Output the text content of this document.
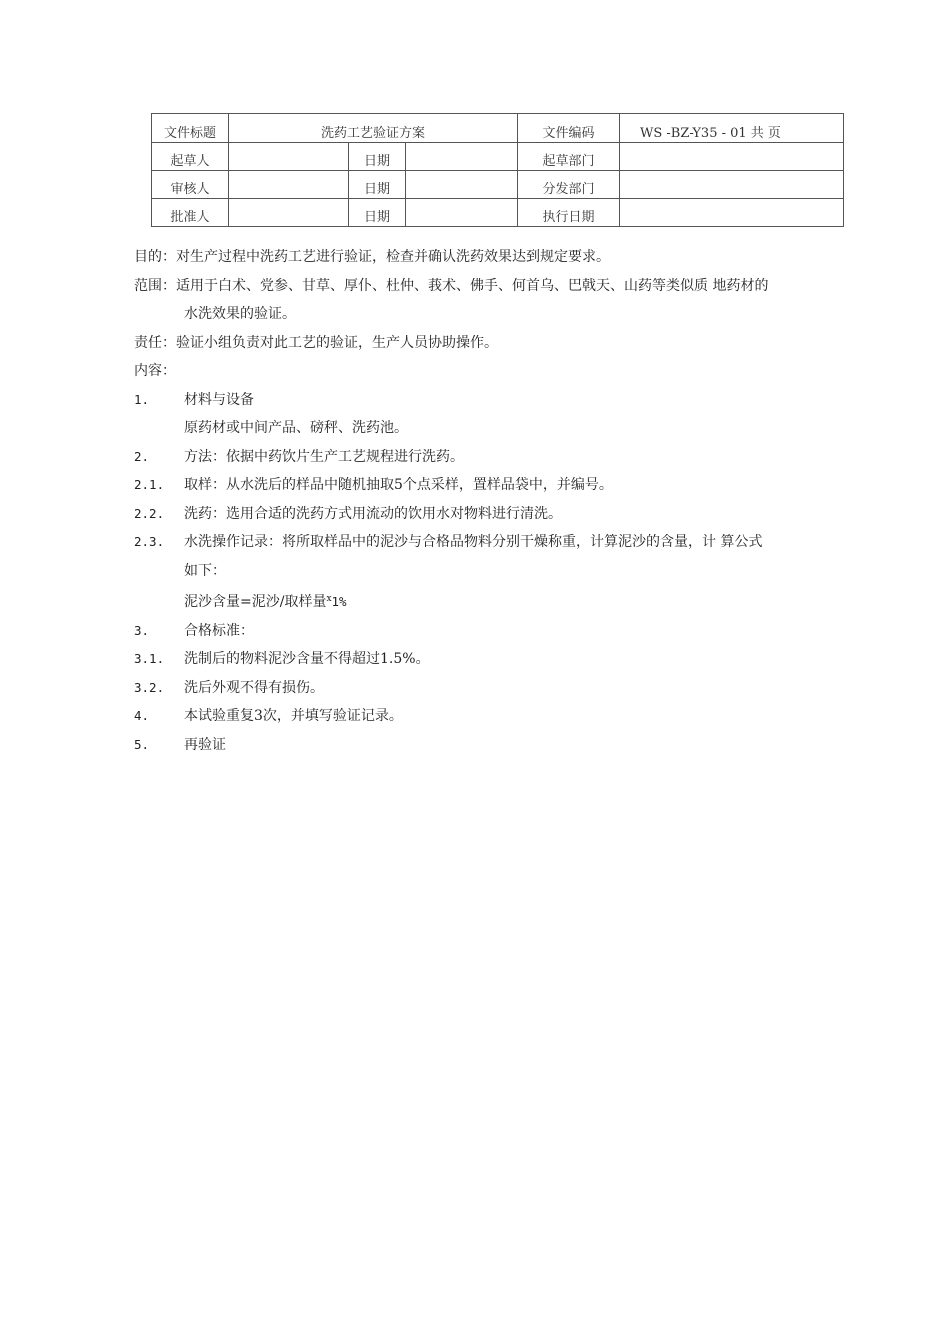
文件标题	洗药工艺验证方案			文件编码	WS -BZ-Y35 - 01 共 页
起草人		日期		起草部门	
审核人		日期		分发部门	
批准人		日期		执行日期	
目的：对生产过程中洗药工艺进行验证，检查并确认洗药效果达到规定要求。
范围：适用于白术、党参、甘草、厚仆、杜仲、莪术、佛手、何首乌、巴戟天、山药等类似质 地药材的
水洗效果的验证。
责任：验证小组负责对此工艺的验证，生产人员协助操作。
内容：
1. 材料与设备
原药材或中间产品、磅秤、洗药池。
2. 方法：依据中药饮片生产工艺规程进行洗药。
2.1. 取样：从水洗后的样品中随机抽取5个点采样，置样品袋中，并编号。
2.2. 洗药：选用合适的洗药方式用流动的饮用水对物料进行清洗。
2.3. 水洗操作记录：将所取样品中的泥沙与合格品物料分别干燥称重，计算泥沙的含量，计 算公式
如下：
泥沙含量=泥沙/取样量$^x$1%
3. 合格标准：
3.1. 洗制后的物料泥沙含量不得超过1.5%。
3.2. 洗后外观不得有损伤。
4. 本试验重复3次，并填写验证记录。
5. 再验证
